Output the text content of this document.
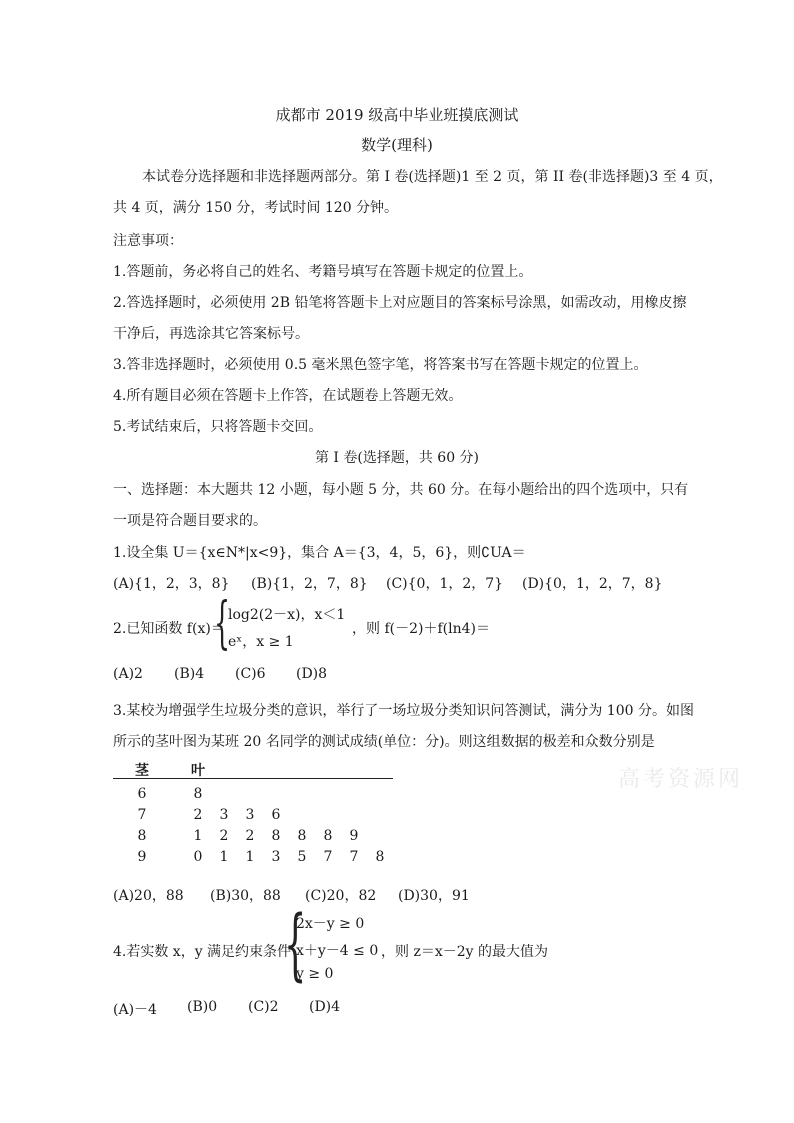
成都市 2019 级高中毕业班摸底测试
数学(理科)
本试卷分选择题和非选择题两部分。第 I 卷(选择题)1 至 2 页，第 II 卷(非选择题)3 至 4 页，
共 4 页，满分 150 分，考试时间 120 分钟。
注意事项：
1.答题前，务必将自己的姓名、考籍号填写在答题卡规定的位置上。
2.答选择题时，必须使用 2B 铅笔将答题卡上对应题目的答案标号涂黑，如需改动，用橡皮擦
干净后，再选涂其它答案标号。
3.答非选择题时，必须使用 0.5 毫米黑色签字笔，将答案书写在答题卡规定的位置上。
4.所有题目必须在答题卡上作答，在试题卷上答题无效。
5.考试结束后，只将答题卡交回。
第 I 卷(选择题，共 60 分)
一、选择题：本大题共 12 小题，每小题 5 分，共 60 分。在每小题给出的四个选项中，只有
一项是符合题目要求的。
1.设全集 U＝{x∈N*|x<9}，集合 A＝{3，4，5，6}，则∁UA＝
(A){1，2，3，8} (B){1，2，7，8} (C){0，1，2，7} (D){0，1，2，7，8}
2.已知函数 f(x)＝
{
log2(2－x)，x＜1
eˣ，x ≥ 1
，则 f(－2)＋f(ln4)＝
(A)2 (B)4 (C)6 (D)8
3.某校为增强学生垃圾分类的意识，举行了一场垃圾分类知识问答测试，满分为 100 分。如图
所示的茎叶图为某班 20 名同学的测试成绩(单位：分)。则这组数据的极差和众数分别是
茎	叶
6	8
7	2	3	3	6
8	1	2	2	8	8	8	9
9	0	1	1	3	5	7	7	8
高考资源网
(A)20，88 (B)30，88 (C)20，82 (D)30，91
4.若实数 x，y 满足约束条件
{
2x－y ≥ 0
x＋y－4 ≤ 0
y ≥ 0
，则 z＝x－2y 的最大值为
(A)－4 (B)0 (C)2 (D)4
